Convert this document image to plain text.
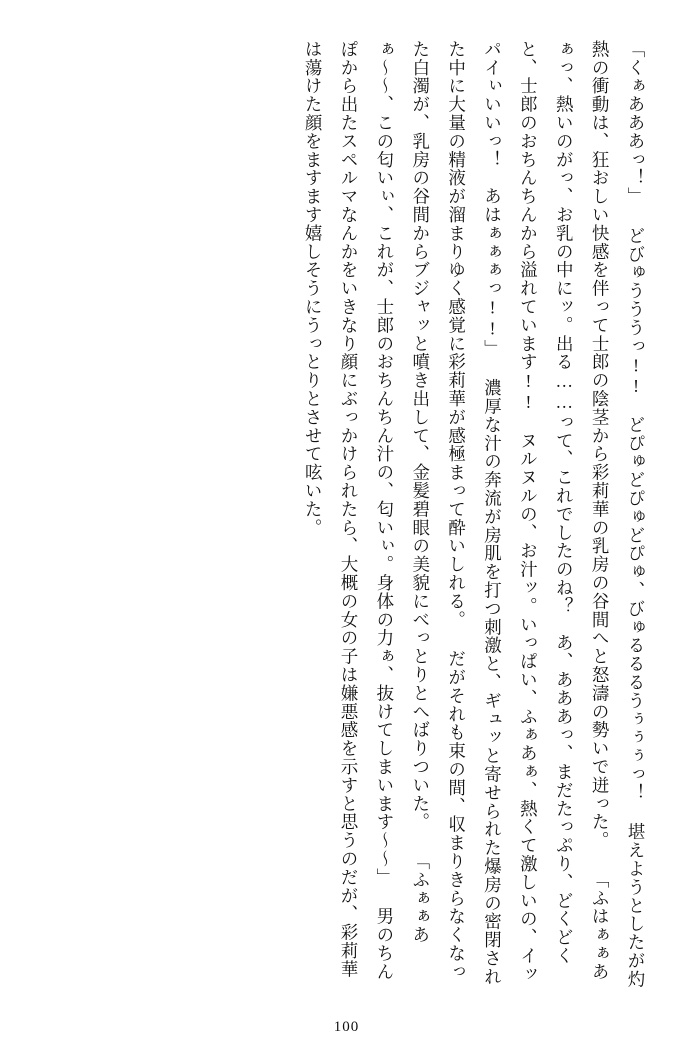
「くぁあああっ！」 どびゅうううっ!!　どぴゅどぴゅどぴゅ、びゅるるるうぅぅぅっ！ 堪えようとしたが灼熱の衝動は、狂おしい快感を伴って士郎の陰茎から彩莉華の乳房の谷間へと怒濤の勢いで迸った。 「ふはぁぁあぁっ、熱いのがっ、お乳の中にッ。出る……って、これでしたのね？　あ、あああっ、まだたっぷり、どくどくと、士郎のおちんちんから溢れています!!　ヌルヌルの、お汁ッ。いっぱい、ふぁあぁ、熱くて激しいの、イッパイぃいいっ！　あはぁぁぁっ!!」 濃厚な汁の奔流が房肌を打つ刺激と、ギュッと寄せられた爆房の密閉された中に大量の精液が溜まりゆく感覚に彩莉華が感極まって酔いしれる。 だがそれも束の間、収まりきらなくなった白濁が、乳房の谷間からブジャッと噴き出して、金髪碧眼の美貌にべっとりとへばりついた。 「ふぁぁあぁ〜〜、この匂いぃ、これが、士郎のおちんちん汁の、匂いぃ。身体の力ぁ、抜けてしまいます〜〜」 男のちんぽから出たスペルマなんかをいきなり顔にぶっかけられたら、大概の女の子は嫌悪感を示すと思うのだが、彩莉華は蕩けた顔をますます嬉しそうにうっとりとさせて呟いた。

100
